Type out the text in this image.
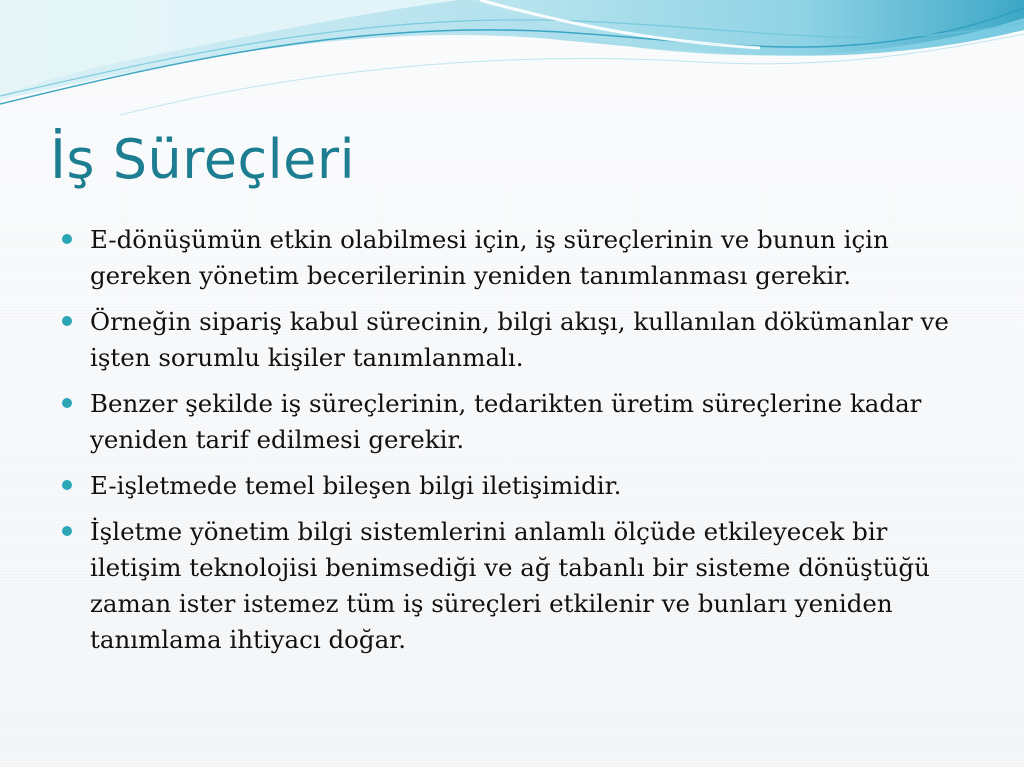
İş Süreçleri
E-dönüşümün etkin olabilmesi için, iş süreçlerinin ve bunun için gereken yönetim becerilerinin yeniden tanımlanması gerekir.
Örneğin sipariş kabul sürecinin, bilgi akışı, kullanılan dökümanlar ve işten sorumlu kişiler tanımlanmalı.
Benzer şekilde iş süreçlerinin, tedarikten üretim süreçlerine kadar yeniden tarif edilmesi gerekir.
E-işletmede temel bileşen bilgi iletişimidir.
İşletme yönetim bilgi sistemlerini anlamlı ölçüde etkileyecek bir iletişim teknolojisi benimsediği ve ağ tabanlı bir sisteme dönüştüğü zaman ister istemez tüm iş süreçleri etkilenir ve bunları yeniden tanımlama ihtiyacı doğar.
